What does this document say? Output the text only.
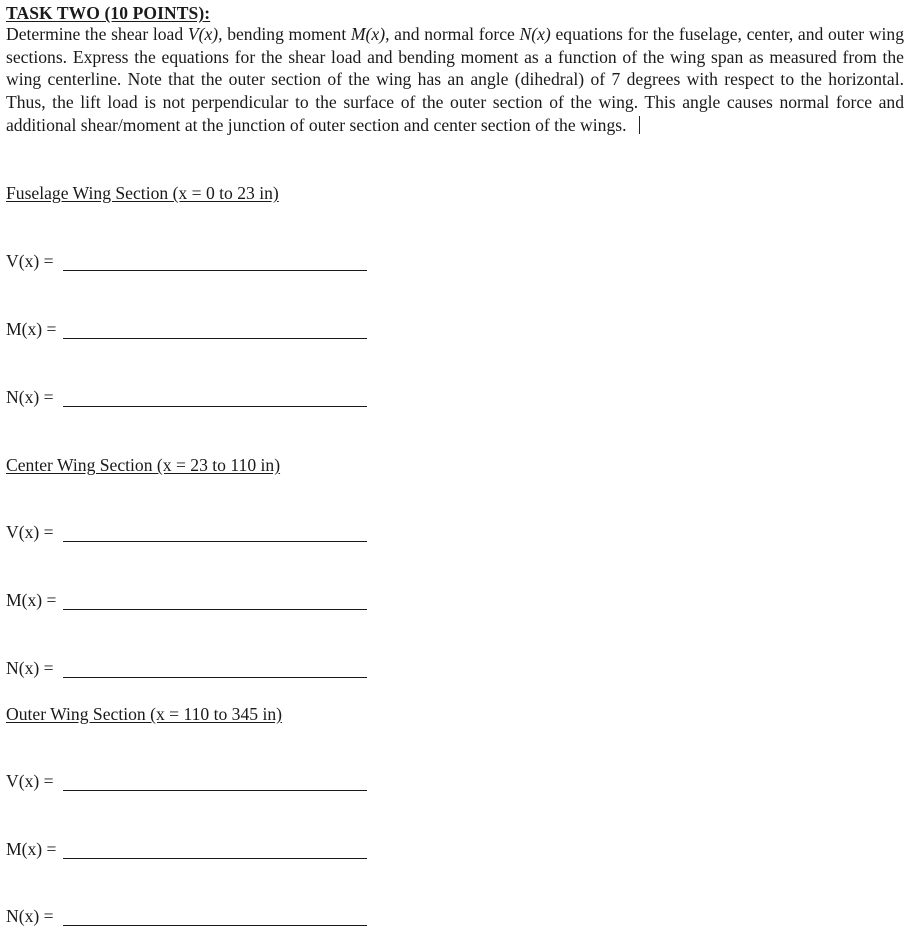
TASK TWO (10 POINTS):

Determine the shear load V(x), bending moment M(x), and normal force N(x) equations for the fuselage, center, and outer wing sections. Express the equations for the shear load and bending moment as a function of the wing span as measured from the wing centerline. Note that the outer section of the wing has an angle (dihedral) of 7 degrees with respect to the horizontal. Thus, the lift load is not perpendicular to the surface of the outer section of the wing. This angle causes normal force and additional shear/moment at the junction of outer section and center section of the wings.

Fuselage Wing Section (x = 0 to 23 in)
V(x) =
M(x) =
N(x) =
Center Wing Section (x = 23 to 110 in)
V(x) =
M(x) =
N(x) =
Outer Wing Section (x = 110 to 345 in)
V(x) =
M(x) =
N(x) =
